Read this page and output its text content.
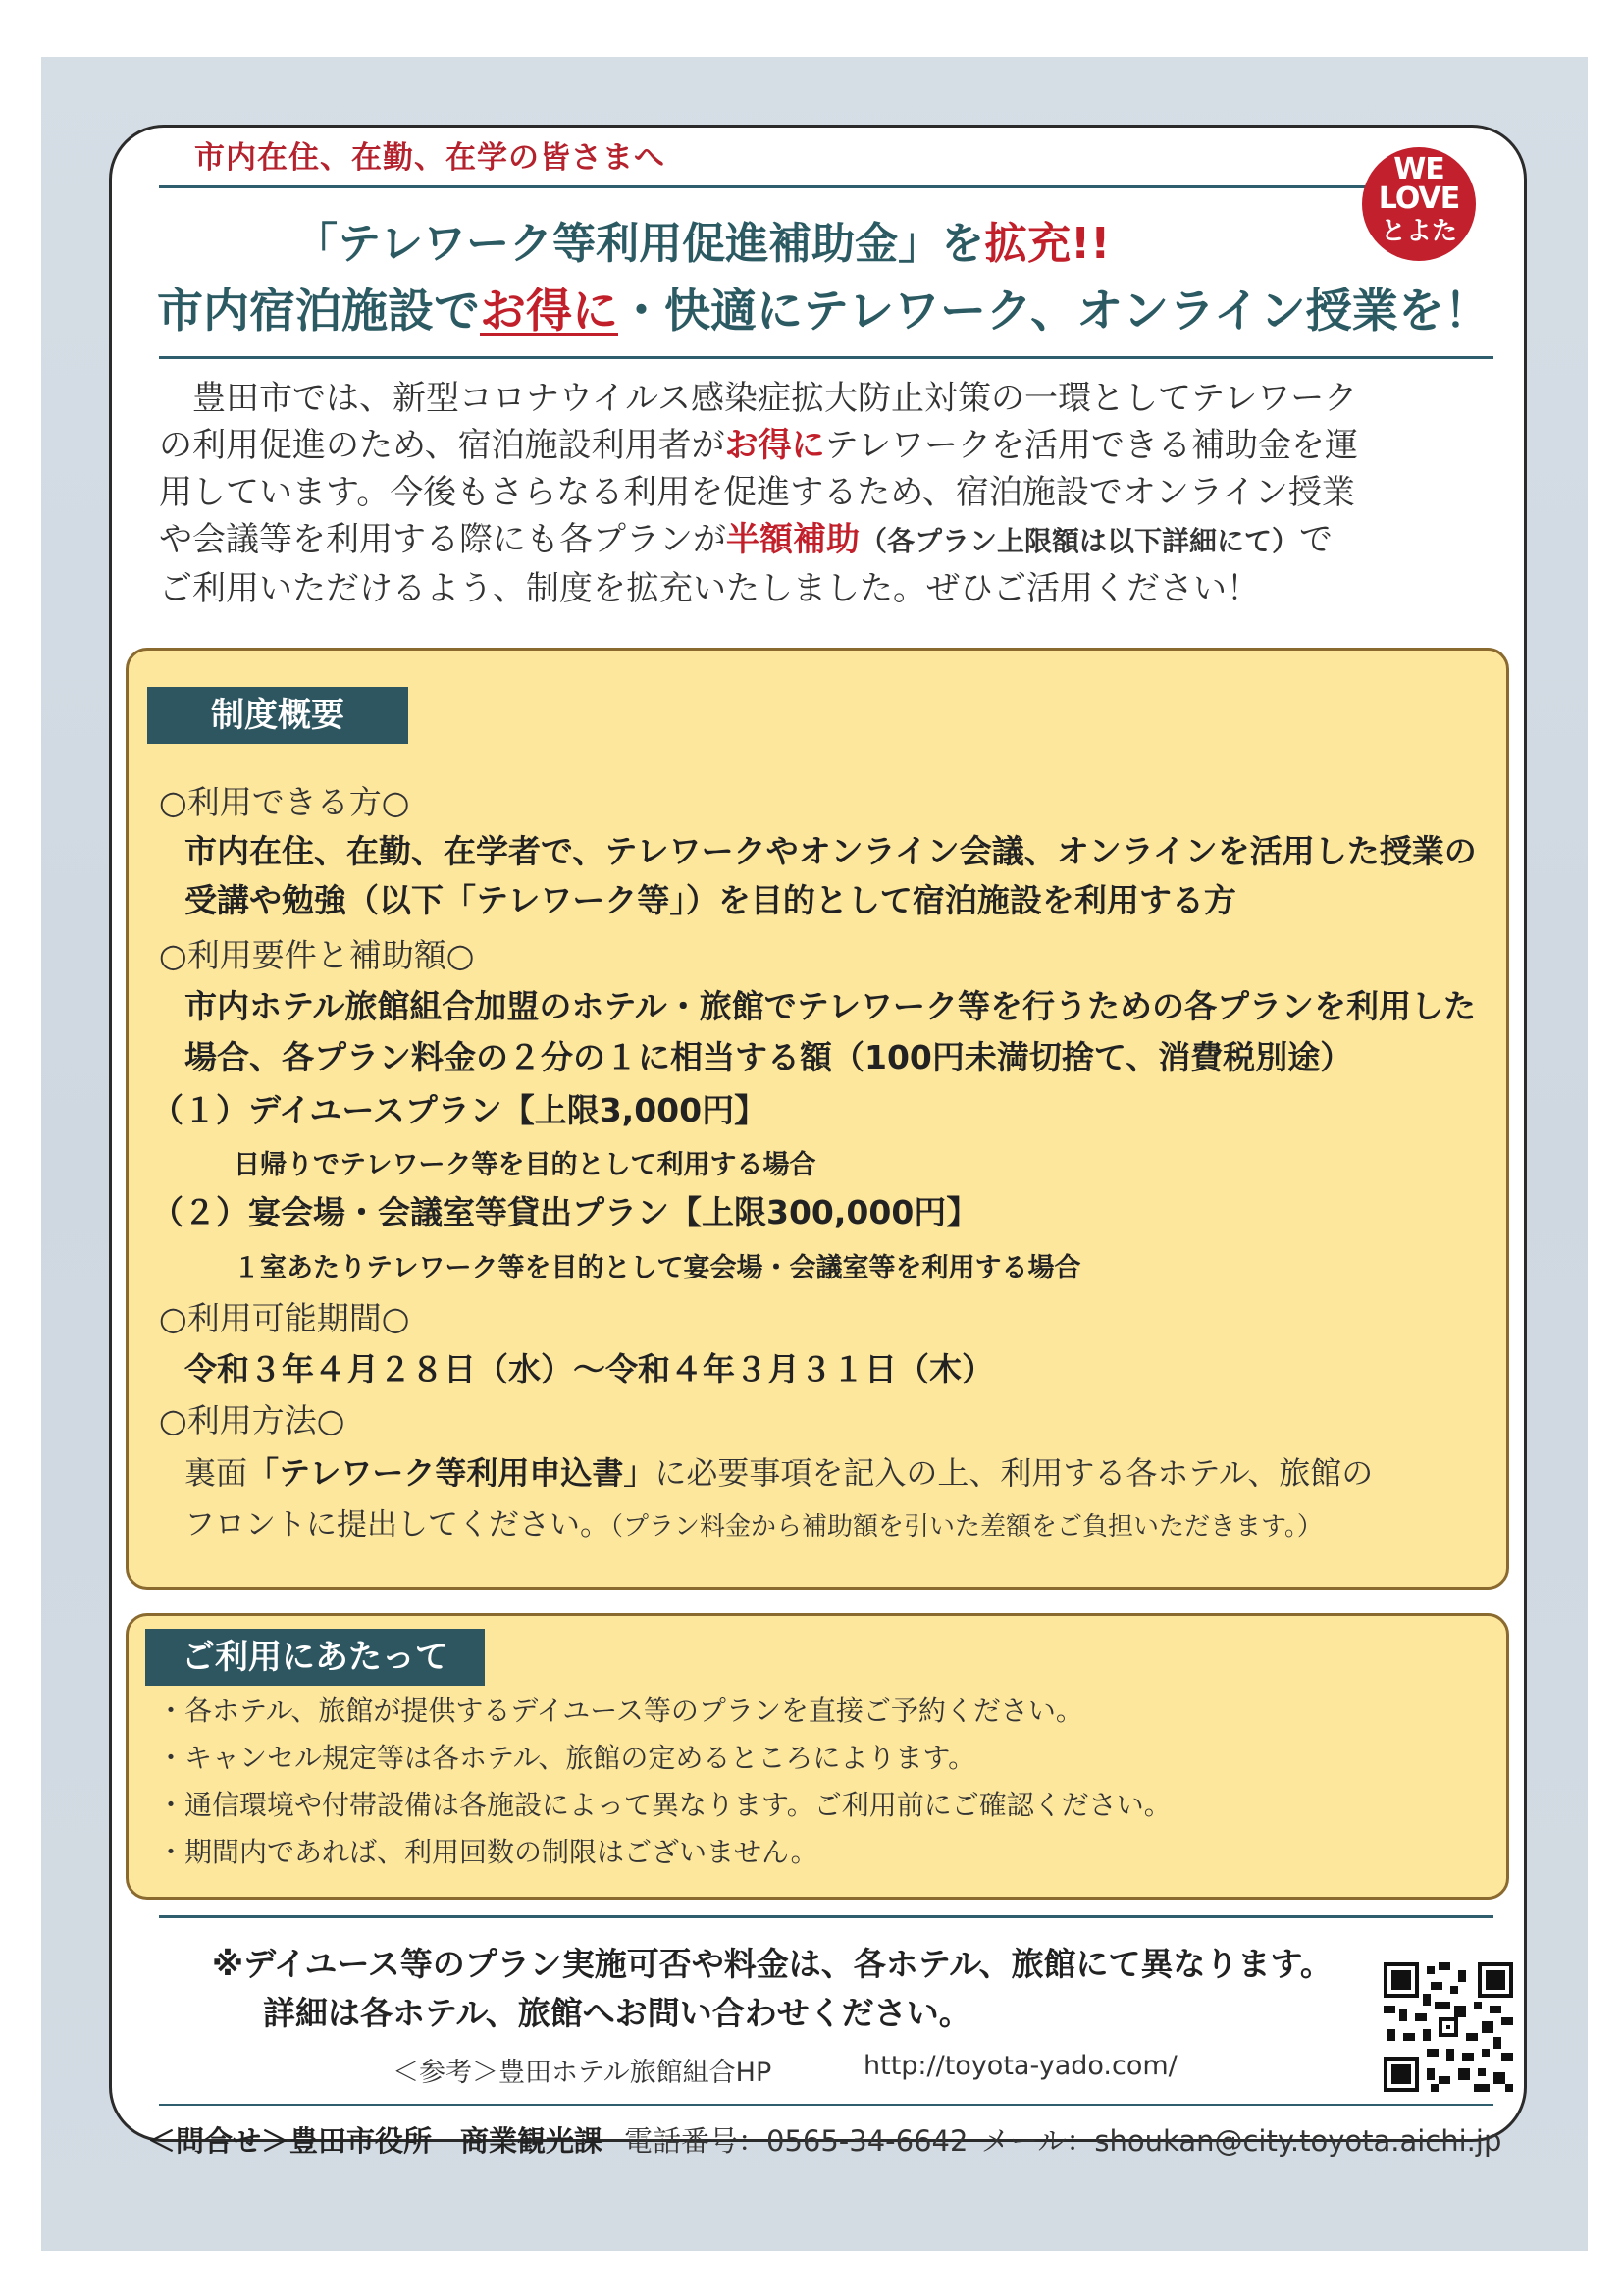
市内在住、在勤、在学の皆さまへ	WE
LOVE
とよた
「テレワーク等利用促進補助金」を拡充!!
市内宿泊施設でお得に・快適にテレワーク、オンライン授業を！

　豊田市では、新型コロナウイルス感染症拡大防止対策の一環としてテレワーク

の利用促進のため、宿泊施設利用者がお得にテレワークを活用できる補助金を運

用しています。今後もさらなる利用を促進するため、宿泊施設でオンライン授業

や会議等を利用する際にも各プランが半額補助（各プラン上限額は以下詳細にて）で

ご利用いただけるよう、制度を拡充いたしました。ぜひご活用ください！

制度概要
○利用できる方○
市内在住、在勤、在学者で、テレワークやオンライン会議、オンラインを活用した授業の
受講や勉強（以下「テレワーク等」）を目的として宿泊施設を利用する方
○利用要件と補助額○
市内ホテル旅館組合加盟のホテル・旅館でテレワーク等を行うための各プランを利用した
場合、各プラン料金の２分の１に相当する額（100円未満切捨て、消費税別途）
（１）デイユースプラン【上限3,000円】
日帰りでテレワーク等を目的として利用する場合
（２）宴会場・会議室等貸出プラン【上限300,000円】
１室あたりテレワーク等を目的として宴会場・会議室等を利用する場合
○利用可能期間○
令和３年４月２８日（水）～令和４年３月３１日（木）
○利用方法○
裏面「テレワーク等利用申込書」に必要事項を記入の上、利用する各ホテル、旅館の
フロントに提出してください。（プラン料金から補助額を引いた差額をご負担いただきます。）
ご利用にあたって
・各ホテル、旅館が提供するデイユース等のプランを直接ご予約ください。
・キャンセル規定等は各ホテル、旅館の定めるところによります。
・通信環境や付帯設備は各施設によって異なります。ご利用前にご確認ください。
・期間内であれば、利用回数の制限はございません。
※デイユース等のプラン実施可否や料金は、各ホテル、旅館にて異なります。
詳細は各ホテル、旅館へお問い合わせください。
＜参考＞豊田ホテル旅館組合HP	http://toyota-yado.com/
＜問合せ＞豊田市役所　商業観光課 電話番号：0565-34-6642 メール：shoukan@city.toyota.aichi.jp
